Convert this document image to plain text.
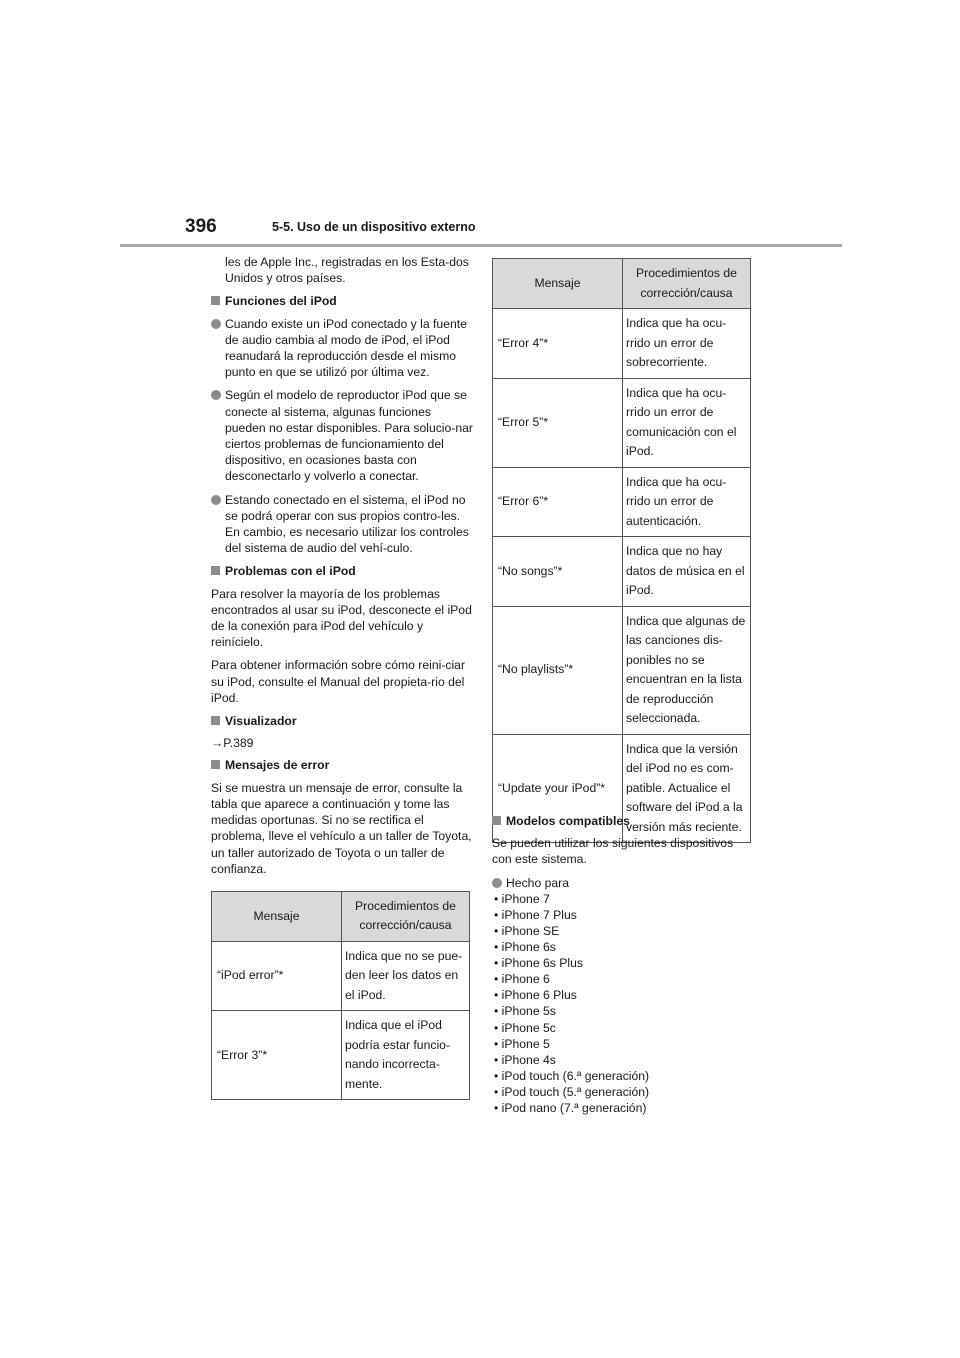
396	5-5. Uso de un dispositivo externo
les de Apple Inc., registradas en los Esta-dos Unidos y otros países.
Funciones del iPod
Cuando existe un iPod conectado y la fuente de audio cambia al modo de iPod, el iPod reanudará la reproducción desde el mismo punto en que se utilizó por última vez.
Según el modelo de reproductor iPod que se conecte al sistema, algunas funciones pueden no estar disponibles. Para solucio-nar ciertos problemas de funcionamiento del dispositivo, en ocasiones basta con desconectarlo y volverlo a conectar.
Estando conectado en el sistema, el iPod no se podrá operar con sus propios contro-les. En cambio, es necesario utilizar los controles del sistema de audio del vehí-culo.
Problemas con el iPod
Para resolver la mayoría de los problemas encontrados al usar su iPod, desconecte el iPod de la conexión para iPod del vehículo y reinícielo.
Para obtener información sobre cómo reini-ciar su iPod, consulte el Manual del propieta-rio del iPod.
Visualizador
→P.389
Mensajes de error
Si se muestra un mensaje de error, consulte la tabla que aparece a continuación y tome las medidas oportunas. Si no se rectifica el problema, lleve el vehículo a un taller de Toyota, un taller autorizado de Toyota o un taller de confianza.
Mensaje	Procedimientos de corrección/causa
“iPod error”*	Indica que no se pue-den leer los datos en el iPod.
“Error 3”*	Indica que el iPod podría estar funcio-nando incorrecta-mente.
Mensaje	Procedimientos de corrección/causa
“Error 4”*	Indica que ha ocu-rrido un error de sobrecorriente.
“Error 5”*	Indica que ha ocu-rrido un error de comunicación con el iPod.
“Error 6”*	Indica que ha ocu-rrido un error de autenticación.
“No songs”*	Indica que no hay datos de música en el iPod.
“No playlists”*	Indica que algunas de las canciones dis-ponibles no se encuentran en la lista de reproducción seleccionada.
“Update your iPod”*	Indica que la versión del iPod no es com-patible. Actualice el software del iPod a la versión más reciente.
Modelos compatibles
Se pueden utilizar los siguientes dispositivos con este sistema.
Hecho para
• iPhone 7
• iPhone 7 Plus
• iPhone SE
• iPhone 6s
• iPhone 6s Plus
• iPhone 6
• iPhone 6 Plus
• iPhone 5s
• iPhone 5c
• iPhone 5
• iPhone 4s
• iPod touch (6.ª generación)
• iPod touch (5.ª generación)
• iPod nano (7.ª generación)
